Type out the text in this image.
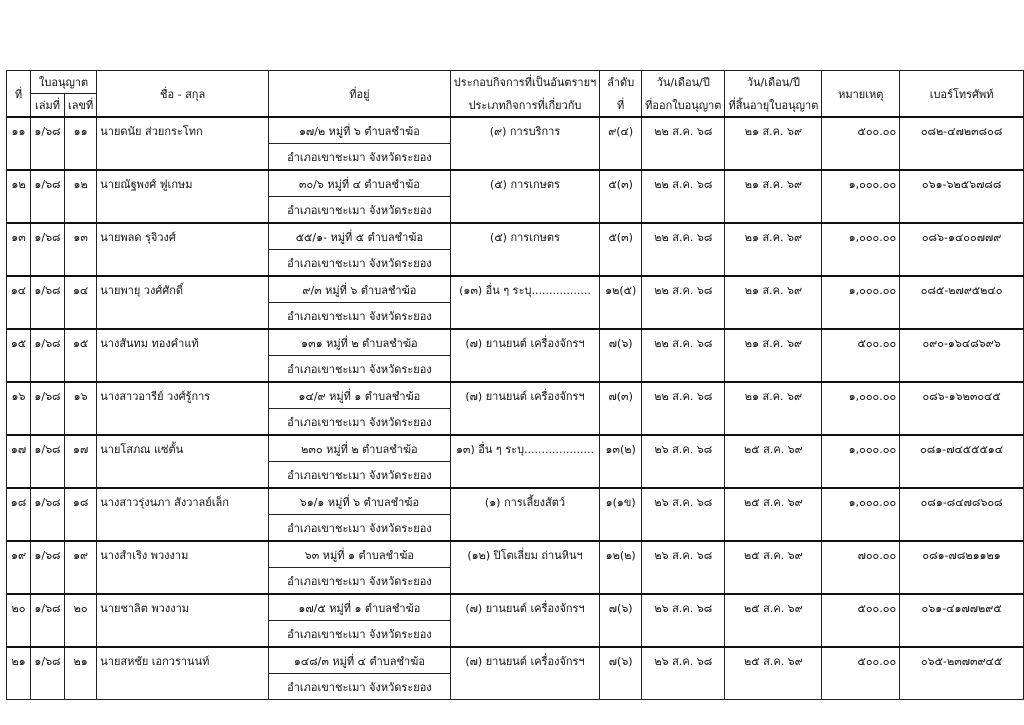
ที่	ใบอนุญาต		ชื่อ - สกุล	ที่อยู่	ประกอบกิจการที่เป็นอันตรายฯ	ลำดับ	วัน/เดือน/ปี	วัน/เดือน/ปี	หมายเหตุ	เบอร์โทรศัพท์
	เล่มที่	เลขที่			ประเภทกิจการที่เกี่ยวกับ	ที่	ที่ออกใบอนุญาต	ที่สิ้นอายุใบอนุญาต		
๑๑	๑/๖๘	๑๑	นายดนัย ส่วยกระโทก	๑๗/๒ หมู่ที่ ๖ ตำบลชำฆ้อ	(๙) การบริการ	๙(๔)	๒๒ ส.ค. ๖๘	๒๑ ส.ค. ๖๙	๕๐๐.๐๐	๐๘๒-๔๗๒๓๘๐๘
				อำเภอเขาชะเมา จังหวัดระยอง						
๑๒	๑/๖๘	๑๒	นายณัฐพงศ์ ฟูเกษม	๓๐/๖ หมู่ที่ ๔ ตำบลชำฆ้อ	(๕) การเกษตร	๕(๓)	๒๒ ส.ค. ๖๘	๒๑ ส.ค. ๖๙	๑,๐๐๐.๐๐	๐๖๑-๖๒๕๖๗๘๘
				อำเภอเขาชะเมา จังหวัดระยอง						
๑๓	๑/๖๘	๑๓	นายพลด รุจิวงศ์	๕๕/๑- หมู่ที่ ๕ ตำบลชำฆ้อ	(๕) การเกษตร	๕(๓)	๒๒ ส.ค. ๖๘	๒๑ ส.ค. ๖๙	๑,๐๐๐.๐๐	๐๘๖-๑๔๐๐๗๗๙
				อำเภอเขาชะเมา จังหวัดระยอง						
๑๔	๑/๖๘	๑๔	นายพายุ วงศ์ศักดิ์	๙/๓ หมู่ที่ ๖ ตำบลชำฆ้อ	(๑๓) อื่น ๆ ระบุ.................	๑๒(๕)	๒๒ ส.ค. ๖๘	๒๑ ส.ค. ๖๙	๑,๐๐๐.๐๐	๐๘๕-๒๗๙๕๒๔๐
				อำเภอเขาชะเมา จังหวัดระยอง						
๑๕	๑/๖๘	๑๕	นางสันทม ทองคำแท้	๑๓๑ หมู่ที่ ๒ ตำบลชำฆ้อ	(๗) ยานยนต์ เครื่องจักรฯ	๗(๖)	๒๒ ส.ค. ๖๘	๒๑ ส.ค. ๖๙	๕๐๐.๐๐	๐๙๐-๑๖๔๘๖๙๖
				อำเภอเขาชะเมา จังหวัดระยอง						
๑๖	๑/๖๘	๑๖	นางสาวอารีย์ วงศ์รู้การ	๑๔/๙ หมู่ที่ ๑ ตำบลชำฆ้อ	(๗) ยานยนต์ เครื่องจักรฯ	๗(๓)	๒๒ ส.ค. ๖๘	๒๑ ส.ค. ๖๙	๑,๐๐๐.๐๐	๐๘๖-๑๖๒๓๐๔๕
				อำเภอเขาชะเมา จังหวัดระยอง						
๑๗	๑/๖๘	๑๗	นายโสภณ แซ่ตั้น	๒๓๐ หมู่ที่ ๒ ตำบลชำฆ้อ	๑๓) อื่น ๆ ระบุ....................	๑๓(๒)	๒๖ ส.ค. ๖๘	๒๕ ส.ค. ๖๙	๑,๐๐๐.๐๐	๐๘๑-๗๔๕๕๕๑๔
				อำเภอเขาชะเมา จังหวัดระยอง						
๑๘	๑/๖๘	๑๘	นางสาวรุ่งนภา สังวาลย์เล็ก	๖๑/๑ หมู่ที่ ๖ ตำบลชำฆ้อ	(๑) การเลี้ยงสัตว์	๑(๑ข)	๒๖ ส.ค. ๖๘	๒๕ ส.ค. ๖๙	๑,๐๐๐.๐๐	๐๘๑-๘๔๗๘๖๐๘
				อำเภอเขาชะเมา จังหวัดระยอง						
๑๙	๑/๖๘	๑๙	นางสำเริง พวงงาม	๖๓ หมู่ที่ ๑ ตำบลชำฆ้อ	(๑๒) ปิโตเลี่ยม ถ่านหินฯ	๑๒(๒)	๒๖ ส.ค. ๖๘	๒๕ ส.ค. ๖๙	๗๐๐.๐๐	๐๘๑-๗๘๒๑๑๒๑
				อำเภอเขาชะเมา จังหวัดระยอง						
๒๐	๑/๖๘	๒๐	นายชาลิต พวงงาม	๑๗/๕ หมู่ที่ ๑ ตำบลชำฆ้อ	(๗) ยานยนต์ เครื่องจักรฯ	๗(๖)	๒๖ ส.ค. ๖๘	๒๕ ส.ค. ๖๙	๕๐๐.๐๐	๐๖๑-๔๑๗๗๒๙๕
				อำเภอเขาชะเมา จังหวัดระยอง						
๒๑	๑/๖๘	๒๑	นายสหชัย เอกวรานนท์	๑๔๘/๓ หมู่ที่ ๔ ตำบลชำฆ้อ	(๗) ยานยนต์ เครื่องจักรฯ	๗(๖)	๒๖ ส.ค. ๖๘	๒๕ ส.ค. ๖๙	๕๐๐.๐๐	๐๖๕-๒๓๗๓๙๔๕
				อำเภอเขาชะเมา จังหวัดระยอง						
